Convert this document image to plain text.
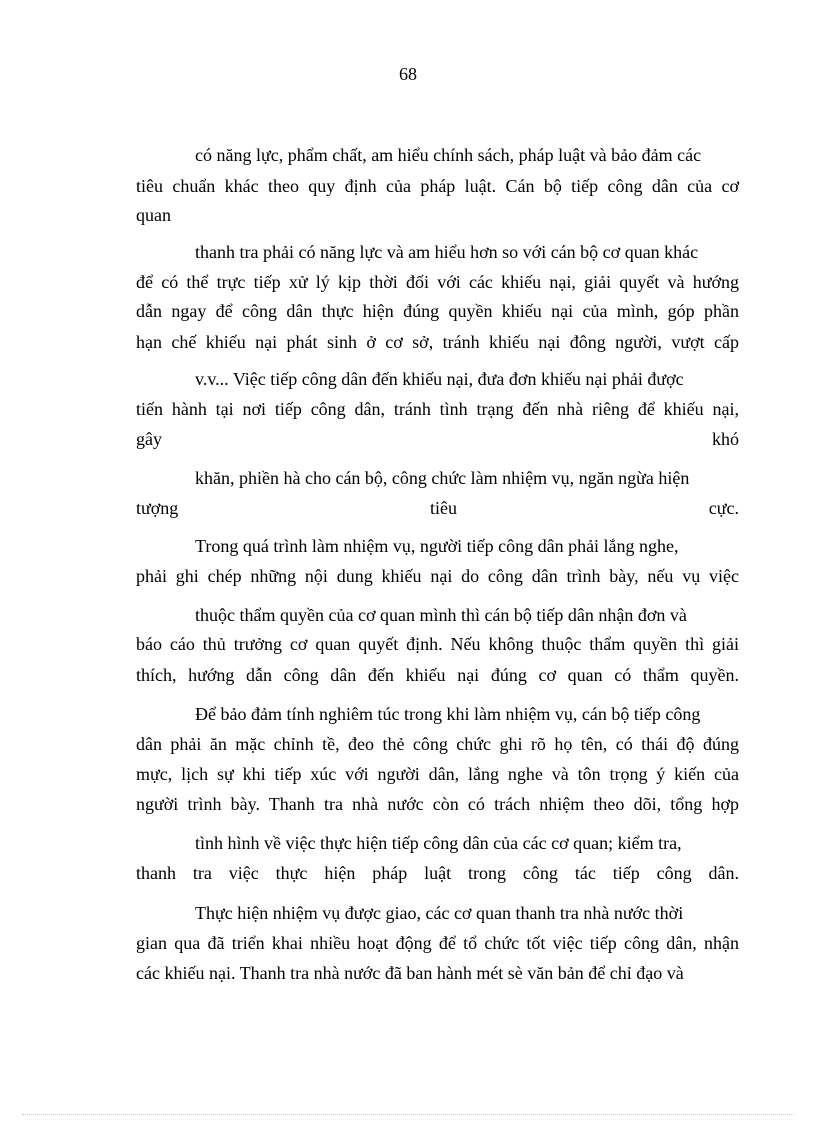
68
có năng lực, phẩm chất, am hiểu chính sách, pháp luật và bảo đảm các
tiêu chuẩn khác theo quy định của pháp luật. Cán bộ tiếp công dân của cơ
quan
thanh tra phải có năng lực và am hiểu hơn so với cán bộ cơ quan khác
để có thể trực tiếp xử lý kịp thời đối với các khiếu nại, giải quyết và hướng
dẫn ngay để công dân thực hiện đúng quyền khiếu nại của mình, góp phần
hạn chế khiếu nại phát sinh ở cơ sở, tránh khiếu nại đông người, vượt cấp
v.v... Việc tiếp công dân đến khiếu nại, đưa đơn khiếu nại phải được
tiến hành tại nơi tiếp công dân, tránh tình trạng đến nhà riêng để khiếu nại,
gây khó
khăn, phiền hà cho cán bộ, công chức làm nhiệm vụ, ngăn ngừa hiện
tượng tiêu cực.
Trong quá trình làm nhiệm vụ, người tiếp công dân phải lắng nghe,
phải ghi chép những nội dung khiếu nại do công dân trình bày, nếu vụ việc
thuộc thẩm quyền của cơ quan mình thì cán bộ tiếp dân nhận đơn và
báo cáo thủ trưởng cơ quan quyết định. Nếu không thuộc thẩm quyền thì giải
thích, hướng dẫn công dân đến khiếu nại đúng cơ quan có thẩm quyền.
Để bảo đảm tính nghiêm túc trong khi làm nhiệm vụ, cán bộ tiếp công
dân phải ăn mặc chỉnh tề, đeo thẻ công chức ghi rõ họ tên, có thái độ đúng
mực, lịch sự khi tiếp xúc với người dân, lắng nghe và tôn trọng ý kiến của
người trình bày. Thanh tra nhà nước còn có trách nhiệm theo dõi, tổng hợp
tình hình về việc thực hiện tiếp công dân của các cơ quan; kiểm tra,
thanh tra việc thực hiện pháp luật trong công tác tiếp công dân.
Thực hiện nhiệm vụ được giao, các cơ quan thanh tra nhà nước thời
gian qua đã triển khai nhiều hoạt động để tổ chức tốt việc tiếp công dân, nhận
các khiếu nại. Thanh tra nhà nước đã ban hành mét sè văn bản để chỉ đạo và
